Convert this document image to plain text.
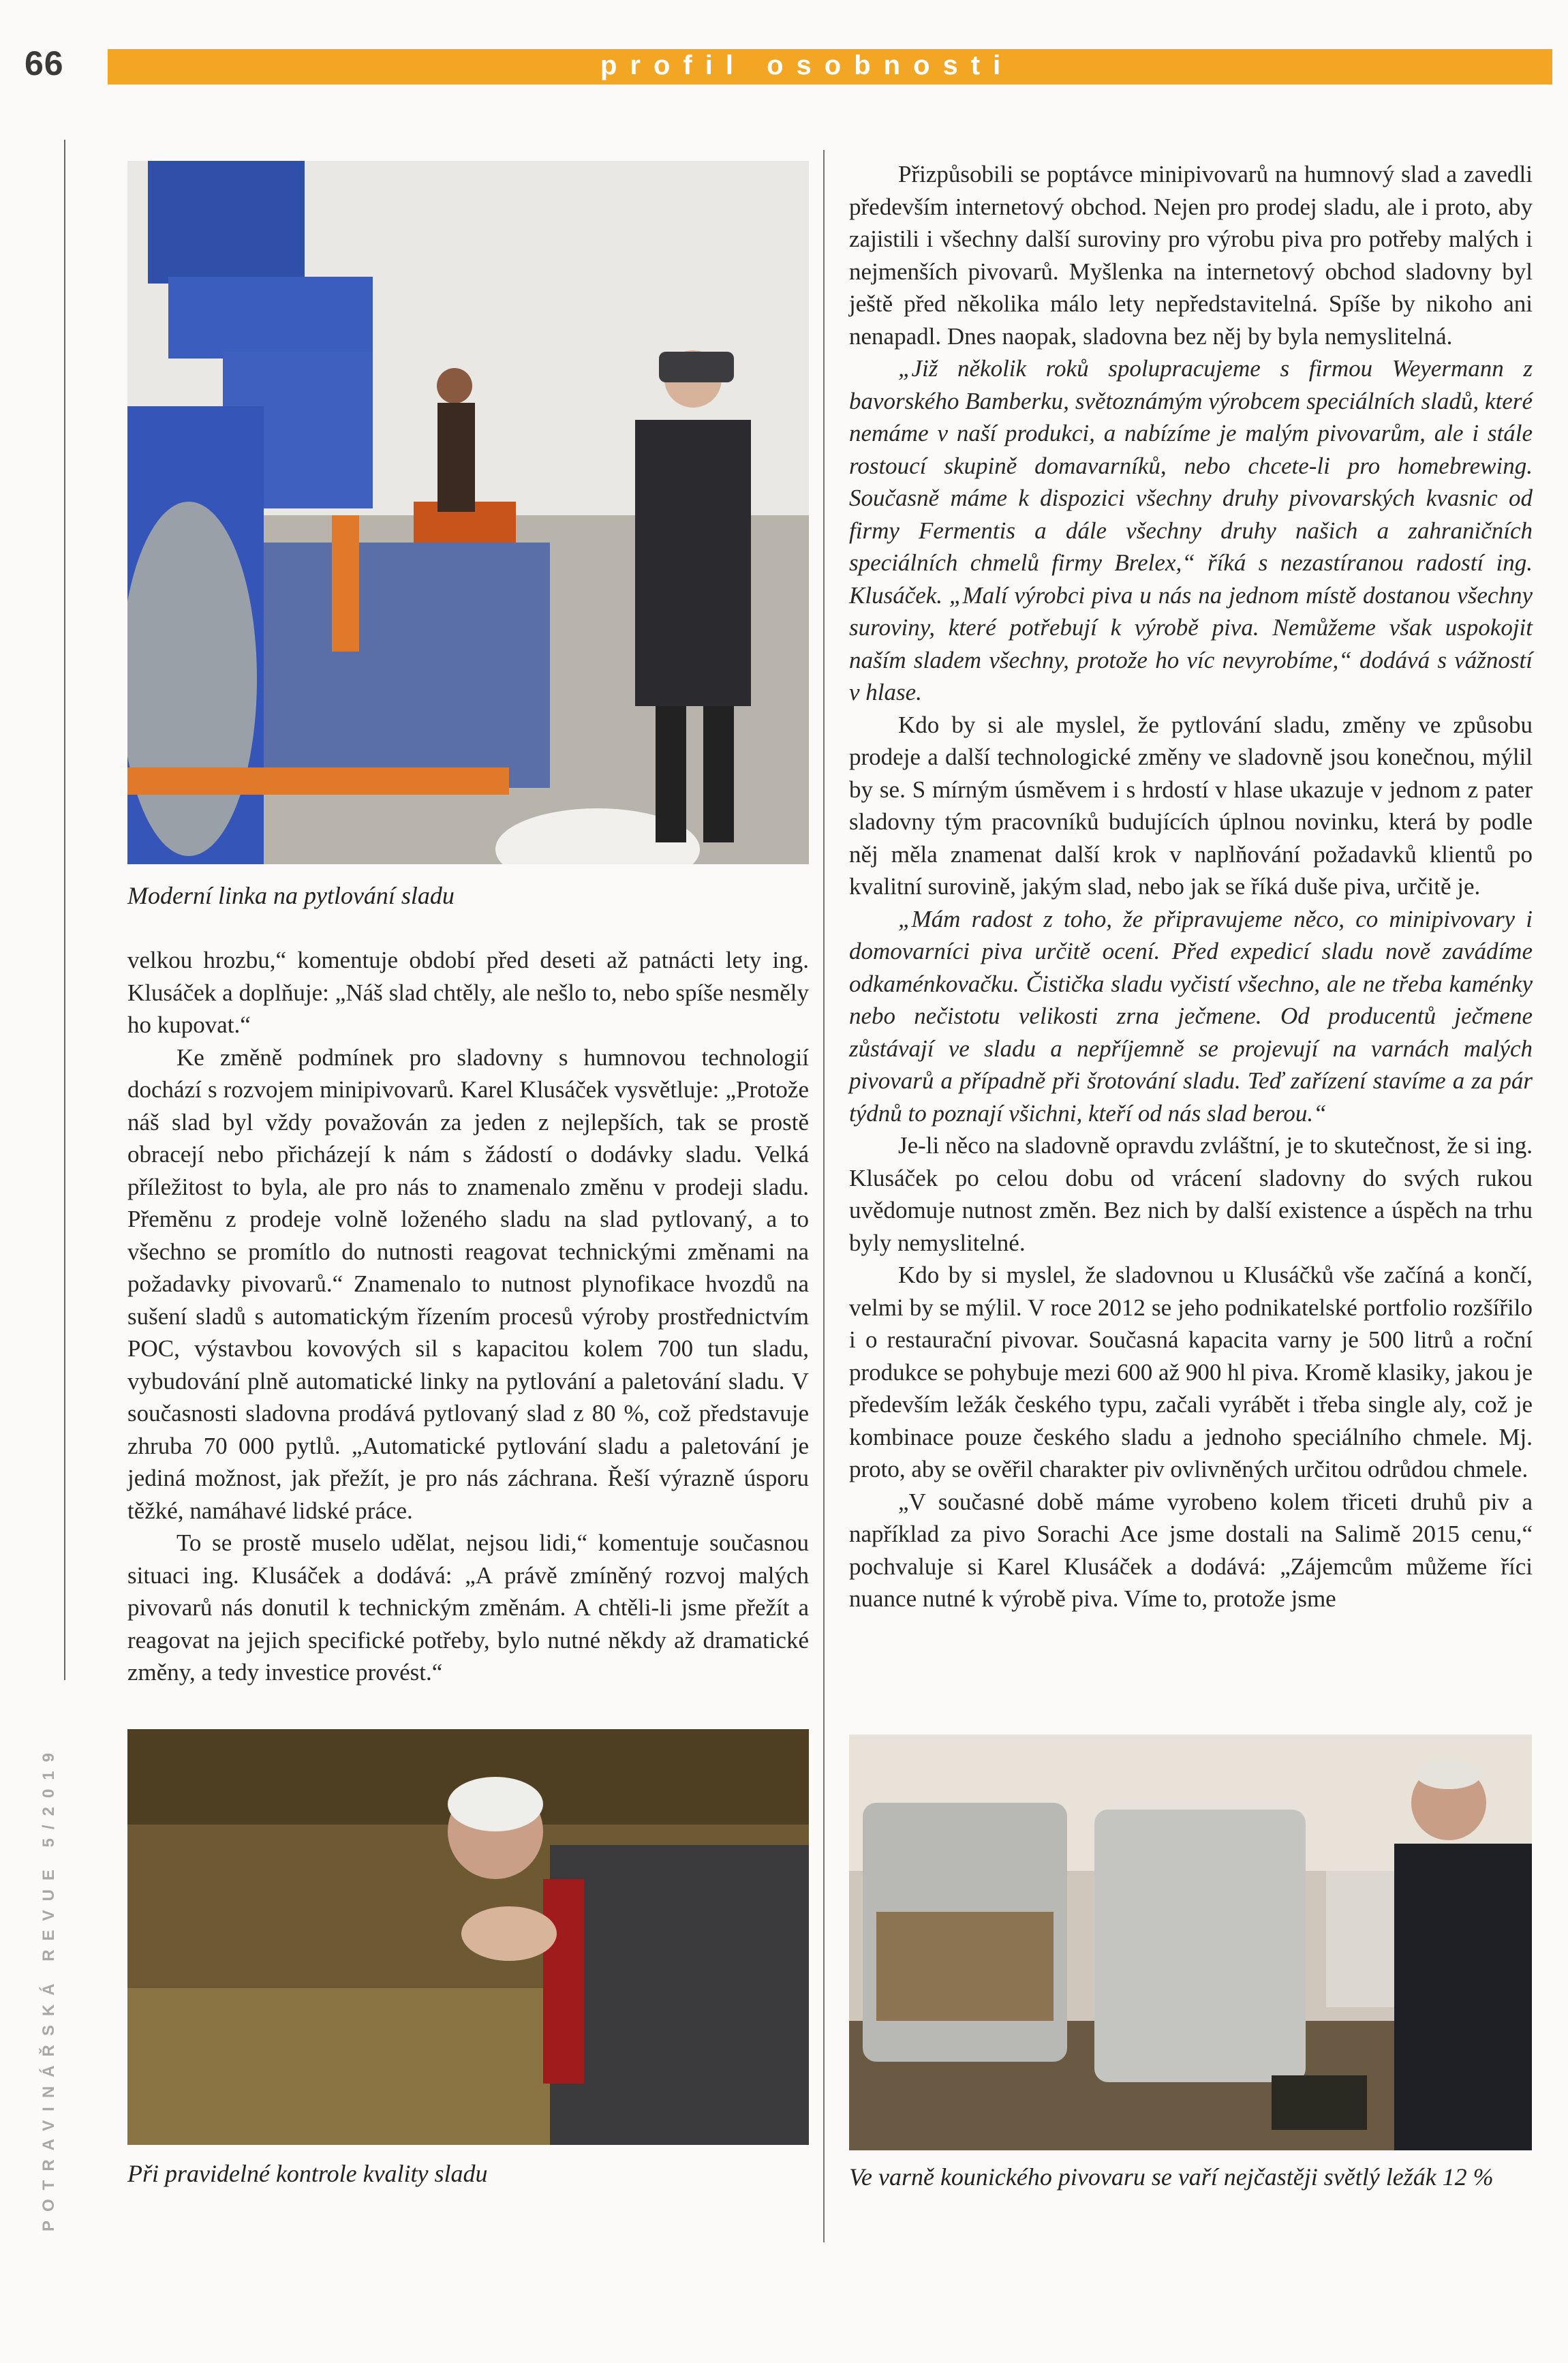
66	profil osobnosti
POTRAVINÁŘSKÁ REVUE 5/2019
Moderní linka na pytlování sladu

velkou hrozbu,“ komentuje období před deseti až patnácti lety ing. Klusáček a doplňuje: „Náš slad chtěly, ale nešlo to, nebo spíše nesměly ho kupovat.“

Ke změně podmínek pro sladovny s humnovou technologií dochází s rozvojem minipivovarů. Karel Klusáček vysvětluje: „Protože náš slad byl vždy považován za jeden z nejlepších, tak se prostě obracejí nebo přicházejí k nám s žádostí o dodávky sladu. Velká příležitost to byla, ale pro nás to znamenalo změnu v prodeji sladu. Přeměnu z prodeje volně loženého sladu na slad pytlovaný, a to všechno se promítlo do nutnosti reagovat technickými změnami na požadavky pivovarů.“ Znamenalo to nutnost plynofikace hvozdů na sušení sladů s automatickým řízením procesů výroby prostřednictvím POC, výstavbou kovových sil s kapacitou kolem 700 tun sladu, vybudování plně automatické linky na pytlování a paletování sladu. V současnosti sladovna prodává pytlovaný slad z 80 %, což představuje zhruba 70 000 pytlů. „Automatické pytlování sladu a paletování je jediná možnost, jak přežít, je pro nás záchrana. Řeší výrazně úsporu těžké, namáhavé lidské práce.

To se prostě muselo udělat, nejsou lidi,“ komentuje současnou situaci ing. Klusáček a dodává: „A právě zmíněný rozvoj malých pivovarů nás donutil k technickým změnám. A chtěli-li jsme přežít a reagovat na jejich specifické potřeby, bylo nutné někdy až dramatické změny, a tedy investice provést.“

Při pravidelné kontrole kvality sladu

Přizpůsobili se poptávce minipivovarů na humnový slad a zavedli především internetový obchod. Nejen pro prodej sladu, ale i proto, aby zajistili i všechny další suroviny pro výrobu piva pro potřeby malých i nejmenších pivovarů. Myšlenka na internetový obchod sladovny byl ještě před několika málo lety nepředstavitelná. Spíše by nikoho ani nenapadl. Dnes naopak, sladovna bez něj by byla nemyslitelná.

„Již několik roků spolupracujeme s firmou Weyermann z bavorského Bamberku, světoznámým výrobcem speciálních sladů, které nemáme v naší produkci, a nabízíme je malým pivovarům, ale i stále rostoucí skupině domavarníků, nebo chcete-li pro homebrewing. Současně máme k dispozici všechny druhy pivovarských kvasnic od firmy Fermentis a dále všechny druhy našich a zahraničních speciálních chmelů firmy Brelex,“ říká s nezastíranou radostí ing. Klusáček. „Malí výrobci piva u nás na jednom místě dostanou všechny suroviny, které potřebují k výrobě piva. Nemůžeme však uspokojit naším sladem všechny, protože ho víc nevyrobíme,“ dodává s vážností v hlase.

Kdo by si ale myslel, že pytlování sladu, změny ve způsobu prodeje a další technologické změny ve sladovně jsou konečnou, mýlil by se. S mírným úsměvem i s hrdostí v hlase ukazuje v jednom z pater sladovny tým pracovníků budujících úplnou novinku, která by podle něj měla znamenat další krok v naplňování požadavků klientů po kvalitní surovině, jakým slad, nebo jak se říká duše piva, určitě je.

„Mám radost z toho, že připravujeme něco, co minipivovary i domovarníci piva určitě ocení. Před expedicí sladu nově zavádíme odkaménkovačku. Čistička sladu vyčistí všechno, ale ne třeba kaménky nebo nečistotu velikosti zrna ječmene. Od producentů ječmene zůstávají ve sladu a nepříjemně se projevují na varnách malých pivovarů a případně při šrotování sladu. Teď zařízení stavíme a za pár týdnů to poznají všichni, kteří od nás slad berou.“

Je-li něco na sladovně opravdu zvláštní, je to skutečnost, že si ing. Klusáček po celou dobu od vrácení sladovny do svých rukou uvědomuje nutnost změn. Bez nich by další existence a úspěch na trhu byly nemyslitelné.

Kdo by si myslel, že sladovnou u Klusáčků vše začíná a končí, velmi by se mýlil. V roce 2012 se jeho podnikatelské portfolio rozšířilo i o restaurační pivovar. Současná kapacita varny je 500 litrů a roční produkce se pohybuje mezi 600 až 900 hl piva. Kromě klasiky, jakou je především ležák českého typu, začali vyrábět i třeba single aly, což je kombinace pouze českého sladu a jednoho speciálního chmele. Mj. proto, aby se ověřil charakter piv ovlivněných určitou odrůdou chmele.

„V současné době máme vyrobeno kolem třiceti druhů piv a například za pivo Sorachi Ace jsme dostali na Salimě 2015 cenu,“ pochvaluje si Karel Klusáček a dodává: „Zájemcům můžeme říci nuance nutné k výrobě piva. Víme to, protože jsme

Ve varně kounického pivovaru se vaří nejčastěji světlý ležák 12 %
